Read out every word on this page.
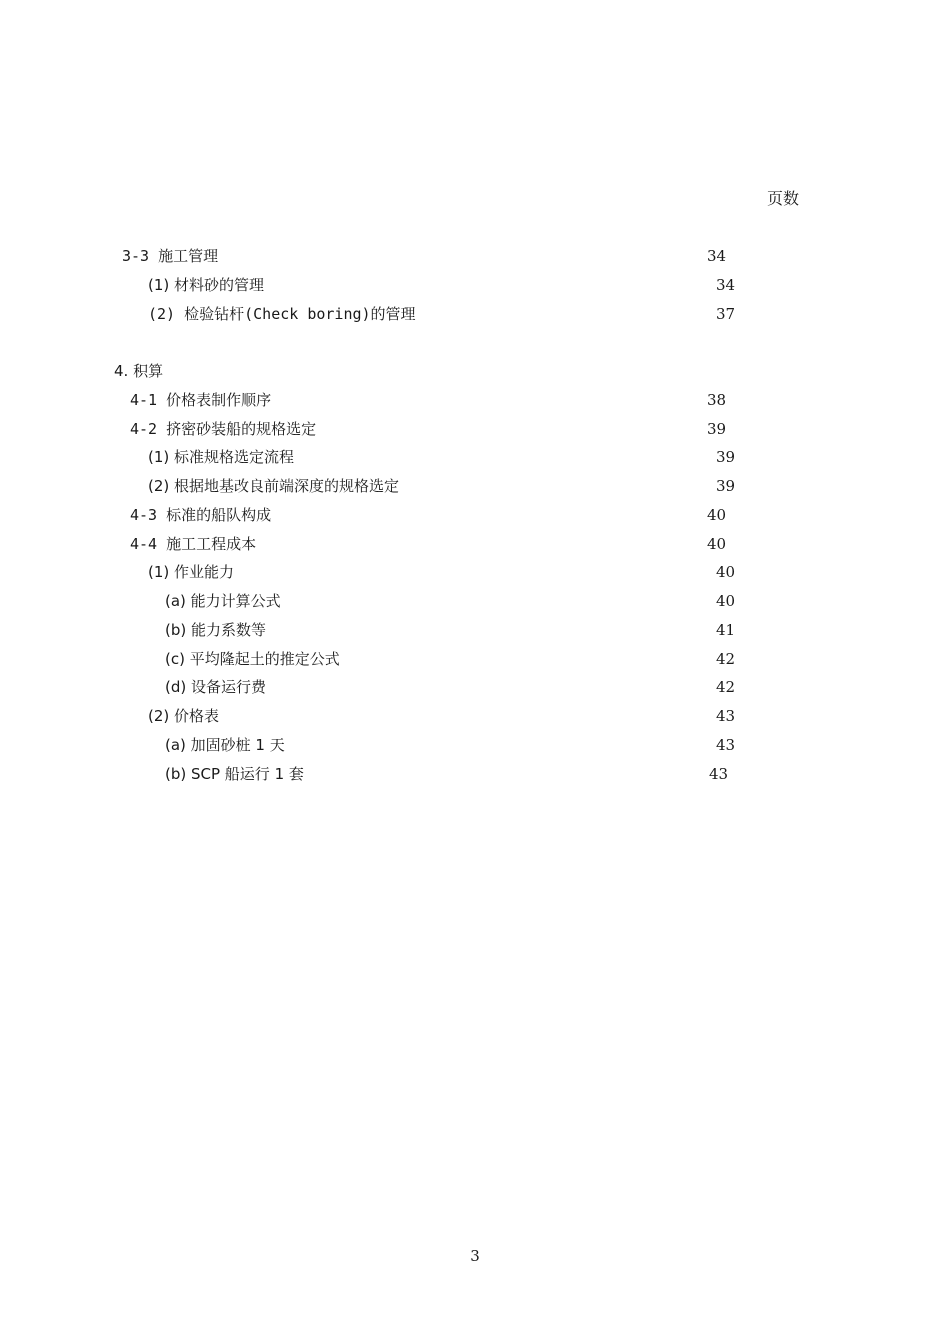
页数
3-3 施工管理	34
(1) 材料砂的管理	34
(2) 检验钻杆(Check boring)的管理	37
4. 积算
4-1 价格表制作顺序	38
4-2 挤密砂装船的规格选定	39
(1) 标准规格选定流程	39
(2) 根据地基改良前端深度的规格选定	39
4-3 标准的船队构成	40
4-4 施工工程成本	40
(1) 作业能力	40
(a) 能力计算公式	40
(b) 能力系数等	41
(c) 平均隆起土的推定公式	42
(d) 设备运行费	42
(2) 价格表	43
(a) 加固砂桩 1 天	43
(b) SCP 船运行 1 套	43
3
